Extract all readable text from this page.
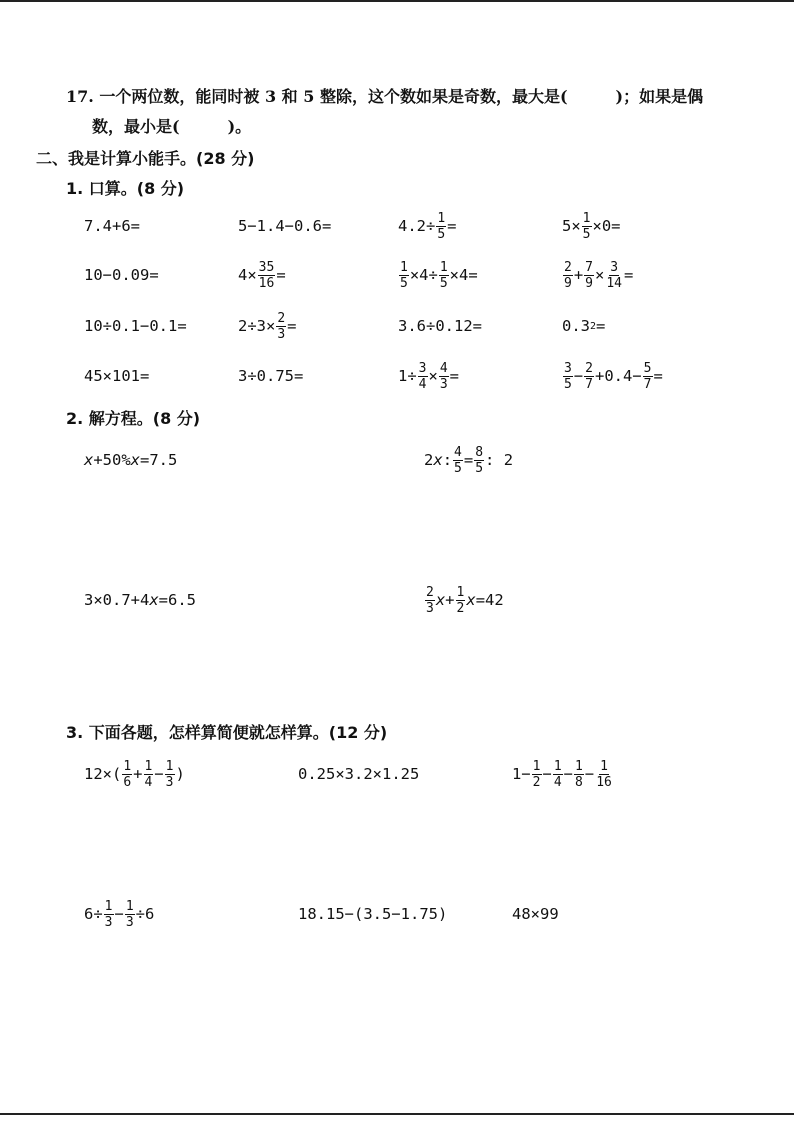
17. 一个两位数，能同时被 3 和 5 整除，这个数如果是奇数，最大是(　　　)；如果是偶
数，最小是(　　　)。
二、我是计算小能手。(28 分)
1. 口算。(8 分)
7.4+6=	5−1.4−0.6=	$4.2\div \frac{1}{5}$ =	$5\times \frac{1}{5} \times 0=$
10−0.09=	$4\times \frac{35}{16}$ =	$\frac{1}{5} \times 4\div \frac{1}{5} \times 4=$	$\frac{2}{9} + \frac{7}{9} \times \frac{3}{14}$ =
10÷0.1−0.1=	$2\div 3\times \frac{2}{3}$ =	3.6÷0.12=	0.3 2 =
45×101=	3÷0.75=	$1\div \frac{3}{4} \times \frac{4}{3}$ =	$\frac{3}{5} - \frac{2}{7} +0.4- \frac{5}{7}$ =
2. 解方程。(8 分)
x +50% x =7.5	2 x : $\frac{4}{5} = \frac{8}{5}$ : 2
3×0.7+4 x =6.5	$\frac{2}{3}$ $x + \frac{1}{2}$ x =42
3. 下面各题，怎样算简便就怎样算。(12 分)
$12\times( \frac{1}{6} + \frac{1}{4} - \frac{1}{3}$ )	0.25×3.2×1.25	$1- \frac{1}{2} - \frac{1}{4} - \frac{1}{8} - \frac{1}{16}$
$6\div \frac{1}{3} - \frac{1}{3} \div 6$	18.15−(3.5−1.75)	48×99
